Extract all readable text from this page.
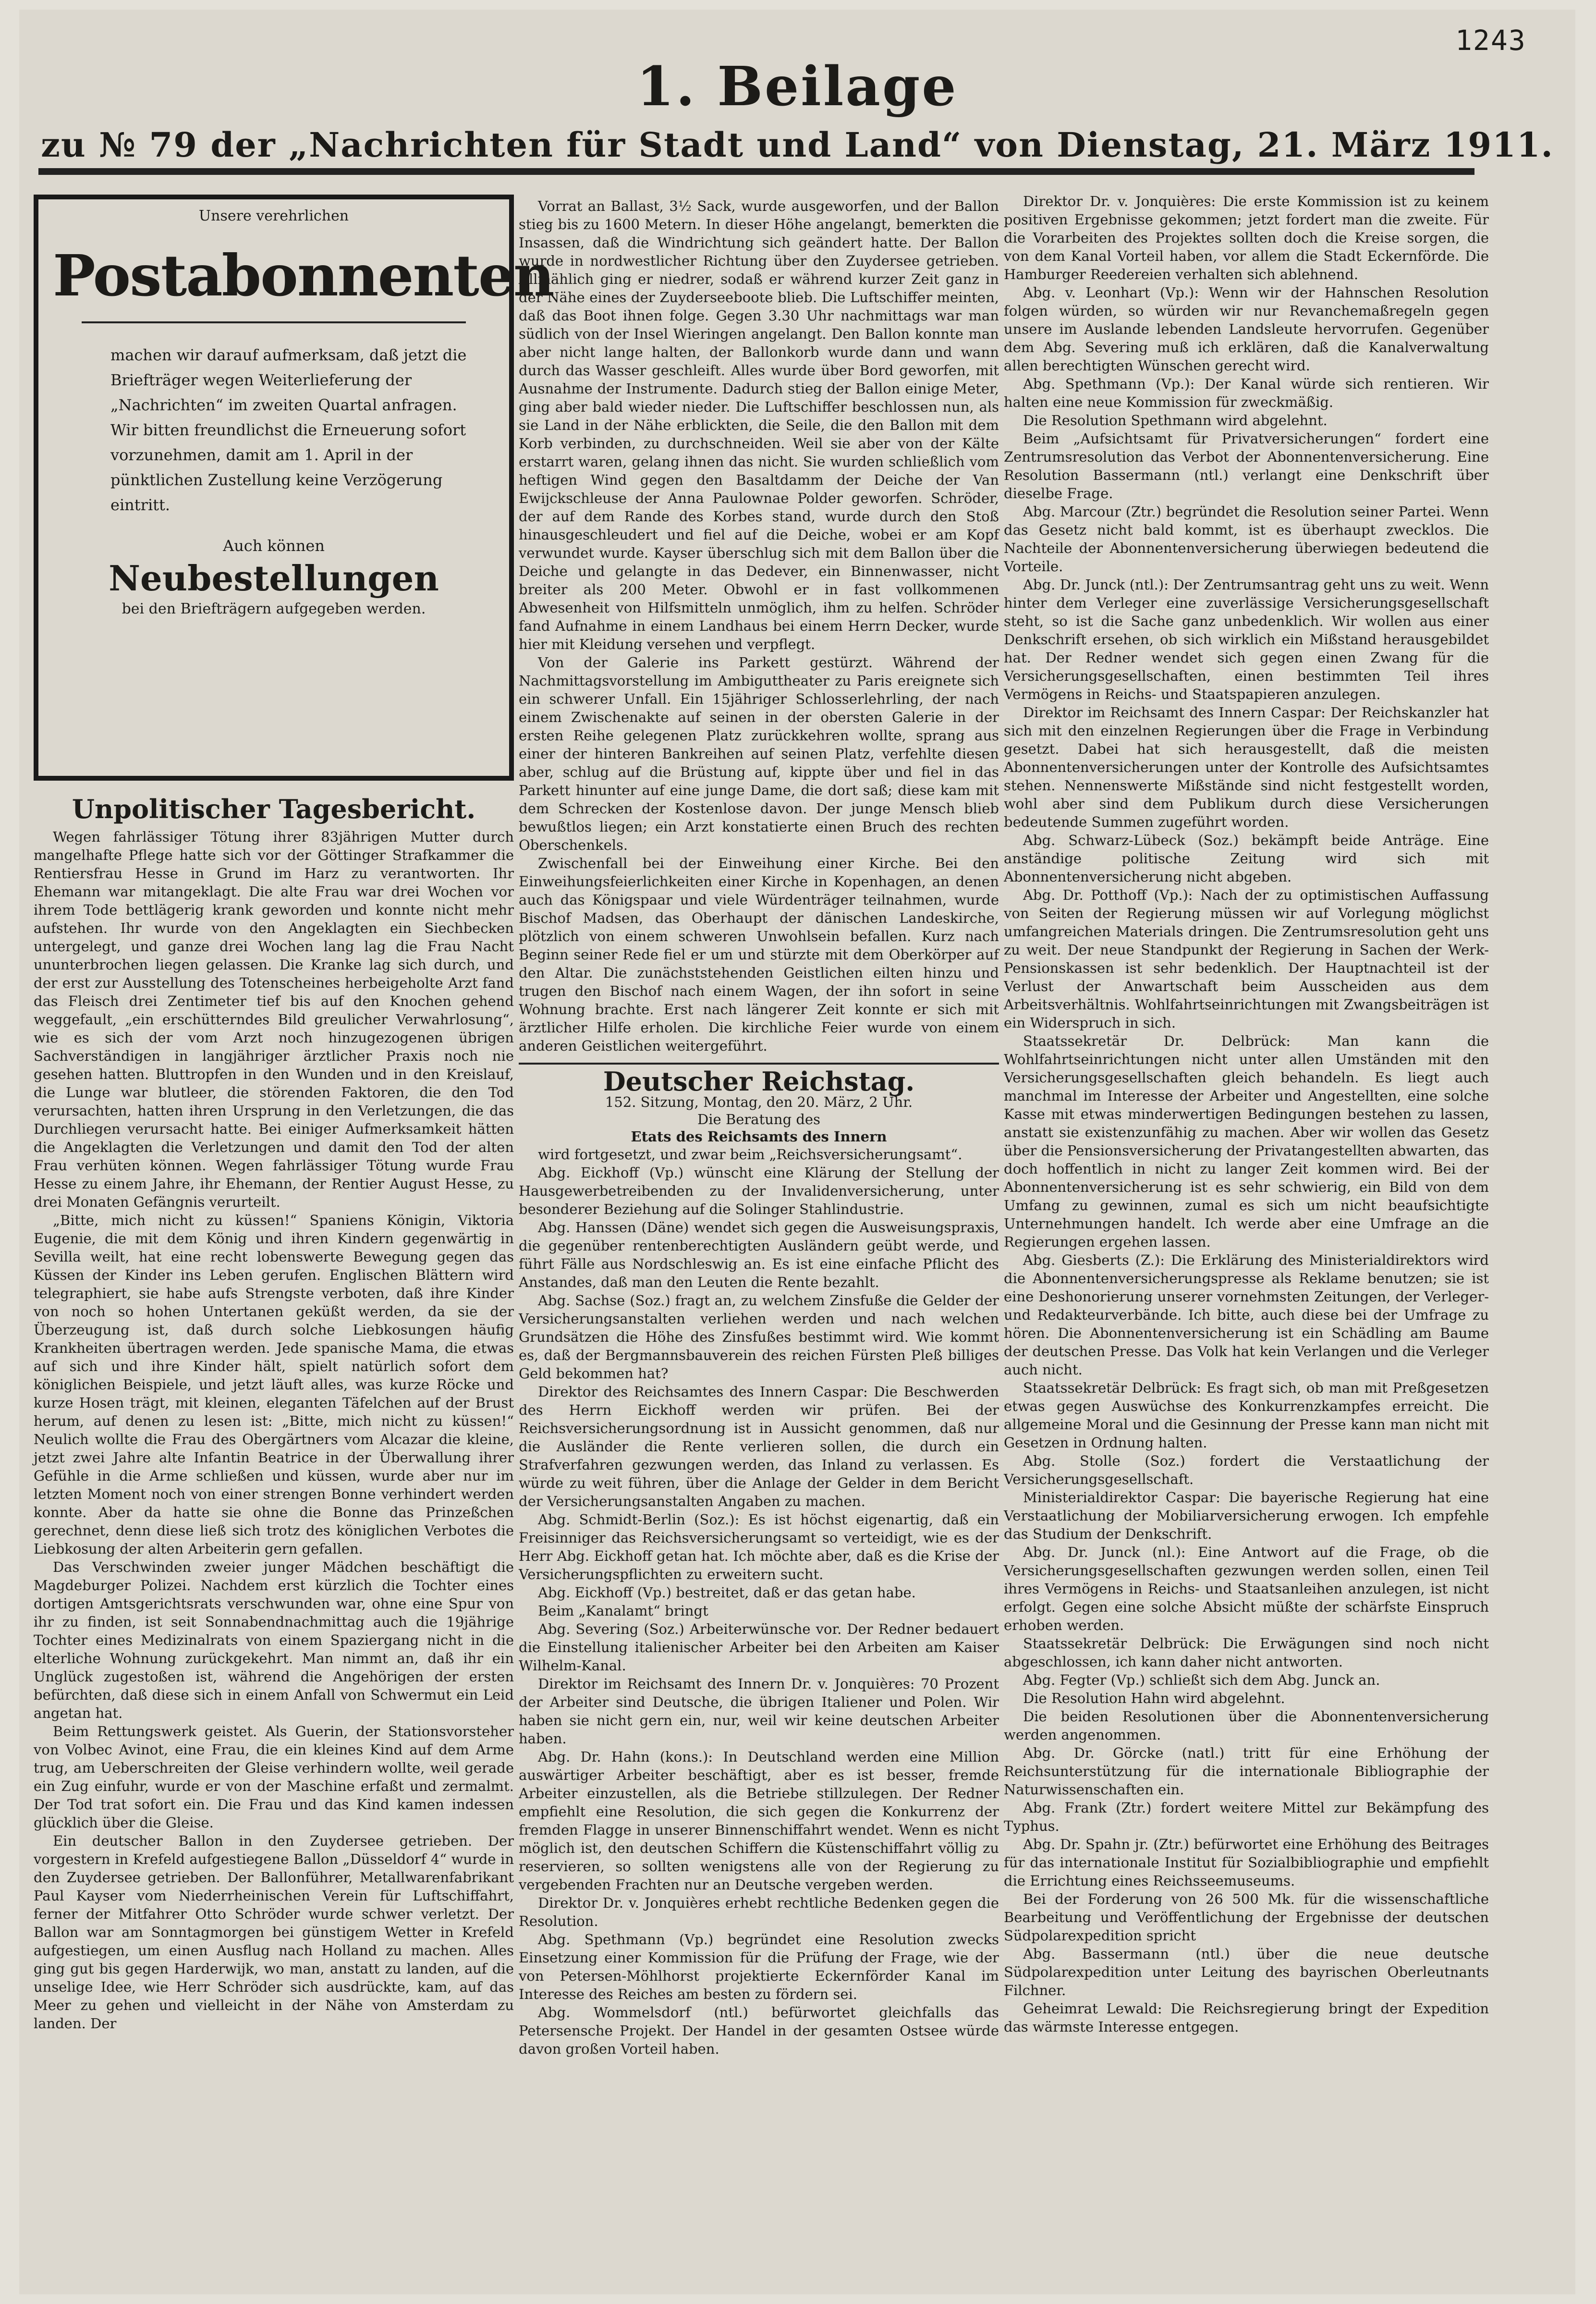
1243
1. Beilage
zu № 79 der „Nachrichten für Stadt und Land“ von Dienstag, 21. März 1911.
Unsere verehrlichen
Postabonnenten
machen wir darauf aufmerksam, daß jetzt die Briefträger wegen Weiterlieferung der „Nachrichten“ im zweiten Quartal anfragen. Wir bitten freundlichst die Erneuerung sofort vorzunehmen, damit am 1. April in der pünktlichen Zustellung keine Verzögerung eintritt.
Auch können
Neubestellungen
bei den Briefträgern aufgegeben werden.
Unpolitischer Tagesbericht.

Wegen fahrlässiger Tötung ihrer 83jährigen Mutter durch mangelhafte Pflege hatte sich vor der Göttinger Strafkammer die Rentiersfrau Hesse in Grund im Harz zu verantworten. Ihr Ehemann war mitangeklagt. Die alte Frau war drei Wochen vor ihrem Tode bettlägerig krank geworden und konnte nicht mehr aufstehen. Ihr wurde von den Angeklagten ein Siechbecken untergelegt, und ganze drei Wochen lang lag die Frau Nacht ununterbrochen liegen gelassen. Die Kranke lag sich durch, und der erst zur Ausstellung des Totenscheines herbeigeholte Arzt fand das Fleisch drei Zentimeter tief bis auf den Knochen gehend weggefault, „ein erschütterndes Bild greulicher Verwahrlosung“, wie es sich der vom Arzt noch hinzugezogenen übrigen Sachverständigen in langjähriger ärztlicher Praxis noch nie gesehen hatten. Bluttropfen in den Wunden und in den Kreislauf, die Lunge war blutleer, die störenden Faktoren, die den Tod verursachten, hatten ihren Ursprung in den Verletzungen, die das Durchliegen verursacht hatte. Bei einiger Aufmerksamkeit hätten die Angeklagten die Verletzungen und damit den Tod der alten Frau verhüten können. Wegen fahrlässiger Tötung wurde Frau Hesse zu einem Jahre, ihr Ehemann, der Rentier August Hesse, zu drei Monaten Gefängnis verurteilt.

„Bitte, mich nicht zu küssen!“ Spaniens Königin, Viktoria Eugenie, die mit dem König und ihren Kindern gegenwärtig in Sevilla weilt, hat eine recht lobenswerte Bewegung gegen das Küssen der Kinder ins Leben gerufen. Englischen Blättern wird telegraphiert, sie habe aufs Strengste verboten, daß ihre Kinder von noch so hohen Untertanen geküßt werden, da sie der Überzeugung ist, daß durch solche Liebkosungen häufig Krankheiten übertragen werden. Jede spanische Mama, die etwas auf sich und ihre Kinder hält, spielt natürlich sofort dem königlichen Beispiele, und jetzt läuft alles, was kurze Röcke und kurze Hosen trägt, mit kleinen, eleganten Täfelchen auf der Brust herum, auf denen zu lesen ist: „Bitte, mich nicht zu küssen!“ Neulich wollte die Frau des Obergärtners vom Alcazar die kleine, jetzt zwei Jahre alte Infantin Beatrice in der Überwallung ihrer Gefühle in die Arme schließen und küssen, wurde aber nur im letzten Moment noch von einer strengen Bonne verhindert werden konnte. Aber da hatte sie ohne die Bonne das Prinzeßchen gerechnet, denn diese ließ sich trotz des königlichen Verbotes die Liebkosung der alten Arbeiterin gern gefallen.

Das Verschwinden zweier junger Mädchen beschäftigt die Magdeburger Polizei. Nachdem erst kürzlich die Tochter eines dortigen Amtsgerichtsrats verschwunden war, ohne eine Spur von ihr zu finden, ist seit Sonnabendnachmittag auch die 19jährige Tochter eines Medizinalrats von einem Spaziergang nicht in die elterliche Wohnung zurückgekehrt. Man nimmt an, daß ihr ein Unglück zugestoßen ist, während die Angehörigen der ersten befürchten, daß diese sich in einem Anfall von Schwermut ein Leid angetan hat.

Beim Rettungswerk geistet. Als Guerin, der Stationsvorsteher von Volbec Avinot, eine Frau, die ein kleines Kind auf dem Arme trug, am Ueberschreiten der Gleise verhindern wollte, weil gerade ein Zug einfuhr, wurde er von der Maschine erfaßt und zermalmt. Der Tod trat sofort ein. Die Frau und das Kind kamen indessen glücklich über die Gleise.

Ein deutscher Ballon in den Zuydersee getrieben. Der vorgestern in Krefeld aufgestiegene Ballon „Düsseldorf 4“ wurde in den Zuydersee getrieben. Der Ballonführer, Metallwarenfabrikant Paul Kayser vom Niederrheinischen Verein für Luftschiffahrt, ferner der Mitfahrer Otto Schröder wurde schwer verletzt. Der Ballon war am Sonntagmorgen bei günstigem Wetter in Krefeld aufgestiegen, um einen Ausflug nach Holland zu machen. Alles ging gut bis gegen Harderwijk, wo man, anstatt zu landen, auf die unselige Idee, wie Herr Schröder sich ausdrückte, kam, auf das Meer zu gehen und vielleicht in der Nähe von Amsterdam zu landen. Der

Vorrat an Ballast, 3½ Sack, wurde ausgeworfen, und der Ballon stieg bis zu 1600 Metern. In dieser Höhe angelangt, bemerkten die Insassen, daß die Windrichtung sich geändert hatte. Der Ballon wurde in nordwestlicher Richtung über den Zuydersee getrieben. Allmählich ging er niedrer, sodaß er während kurzer Zeit ganz in der Nähe eines der Zuyderseeboote blieb. Die Luftschiffer meinten, daß das Boot ihnen folge. Gegen 3.30 Uhr nachmittags war man südlich von der Insel Wieringen angelangt. Den Ballon konnte man aber nicht lange halten, der Ballonkorb wurde dann und wann durch das Wasser geschleift. Alles wurde über Bord geworfen, mit Ausnahme der Instrumente. Dadurch stieg der Ballon einige Meter, ging aber bald wieder nieder. Die Luftschiffer beschlossen nun, als sie Land in der Nähe erblickten, die Seile, die den Ballon mit dem Korb verbinden, zu durchschneiden. Weil sie aber von der Kälte erstarrt waren, gelang ihnen das nicht. Sie wurden schließlich vom heftigen Wind gegen den Basaltdamm der Deiche der Van Ewijckschleuse der Anna Paulownae Polder geworfen. Schröder, der auf dem Rande des Korbes stand, wurde durch den Stoß hinausgeschleudert und fiel auf die Deiche, wobei er am Kopf verwundet wurde. Kayser überschlug sich mit dem Ballon über die Deiche und gelangte in das Dedever, ein Binnenwasser, nicht breiter als 200 Meter. Obwohl er in fast vollkommenen Abwesenheit von Hilfsmitteln unmöglich, ihm zu helfen. Schröder fand Aufnahme in einem Landhaus bei einem Herrn Decker, wurde hier mit Kleidung versehen und verpflegt.

Von der Galerie ins Parkett gestürzt. Während der Nachmittagsvorstellung im Ambiguttheater zu Paris ereignete sich ein schwerer Unfall. Ein 15jähriger Schlosserlehrling, der nach einem Zwischenakte auf seinen in der obersten Galerie in der ersten Reihe gelegenen Platz zurückkehren wollte, sprang aus einer der hinteren Bankreihen auf seinen Platz, verfehlte diesen aber, schlug auf die Brüstung auf, kippte über und fiel in das Parkett hinunter auf eine junge Dame, die dort saß; diese kam mit dem Schrecken der Kostenlose davon. Der junge Mensch blieb bewußtlos liegen; ein Arzt konstatierte einen Bruch des rechten Oberschenkels.

Zwischenfall bei der Einweihung einer Kirche. Bei den Einweihungsfeierlichkeiten einer Kirche in Kopenhagen, an denen auch das Königspaar und viele Würdenträger teilnahmen, wurde Bischof Madsen, das Oberhaupt der dänischen Landeskirche, plötzlich von einem schweren Unwohlsein befallen. Kurz nach Beginn seiner Rede fiel er um und stürzte mit dem Oberkörper auf den Altar. Die zunächststehenden Geistlichen eilten hinzu und trugen den Bischof nach einem Wagen, der ihn sofort in seine Wohnung brachte. Erst nach längerer Zeit konnte er sich mit ärztlicher Hilfe erholen. Die kirchliche Feier wurde von einem anderen Geistlichen weitergeführt.

Deutscher Reichstag.
152. Sitzung, Montag, den 20. März, 2 Uhr.
Die Beratung des
Etats des Reichsamts des Innern

wird fortgesetzt, und zwar beim „Reichsversicherungsamt“.

Abg. Eickhoff (Vp.) wünscht eine Klärung der Stellung der Hausgewerbetreibenden zu der Invalidenversicherung, unter besonderer Beziehung auf die Solinger Stahlindustrie.

Abg. Hanssen (Däne) wendet sich gegen die Ausweisungspraxis, die gegenüber rentenberechtigten Ausländern geübt werde, und führt Fälle aus Nordschleswig an. Es ist eine einfache Pflicht des Anstandes, daß man den Leuten die Rente bezahlt.

Abg. Sachse (Soz.) fragt an, zu welchem Zinsfuße die Gelder der Versicherungsanstalten verliehen werden und nach welchen Grundsätzen die Höhe des Zinsfußes bestimmt wird. Wie kommt es, daß der Bergmannsbauverein des reichen Fürsten Pleß billiges Geld bekommen hat?

Direktor des Reichsamtes des Innern Caspar: Die Beschwerden des Herrn Eickhoff werden wir prüfen. Bei der Reichsversicherungsordnung ist in Aussicht genommen, daß nur die Ausländer die Rente verlieren sollen, die durch ein Strafverfahren gezwungen werden, das Inland zu verlassen. Es würde zu weit führen, über die Anlage der Gelder in dem Bericht der Versicherungsanstalten Angaben zu machen.

Abg. Schmidt-Berlin (Soz.): Es ist höchst eigenartig, daß ein Freisinniger das Reichsversicherungsamt so verteidigt, wie es der Herr Abg. Eickhoff getan hat. Ich möchte aber, daß es die Krise der Versicherungspflichten zu erweitern sucht.

Abg. Eickhoff (Vp.) bestreitet, daß er das getan habe.

Beim „Kanalamt“ bringt

Abg. Severing (Soz.) Arbeiterwünsche vor. Der Redner bedauert die Einstellung italienischer Arbeiter bei den Arbeiten am Kaiser Wilhelm-Kanal.

Direktor im Reichsamt des Innern Dr. v. Jonquières: 70 Prozent der Arbeiter sind Deutsche, die übrigen Italiener und Polen. Wir haben sie nicht gern ein, nur, weil wir keine deutschen Arbeiter haben.

Abg. Dr. Hahn (kons.): In Deutschland werden eine Million auswärtiger Arbeiter beschäftigt, aber es ist besser, fremde Arbeiter einzustellen, als die Betriebe stillzulegen. Der Redner empfiehlt eine Resolution, die sich gegen die Konkurrenz der fremden Flagge in unserer Binnenschiffahrt wendet. Wenn es nicht möglich ist, den deutschen Schiffern die Küstenschiffahrt völlig zu reservieren, so sollten wenigstens alle von der Regierung zu vergebenden Frachten nur an Deutsche vergeben werden.

Direktor Dr. v. Jonquières erhebt rechtliche Bedenken gegen die Resolution.

Abg. Spethmann (Vp.) begründet eine Resolution zwecks Einsetzung einer Kommission für die Prüfung der Frage, wie der von Petersen-Möhlhorst projektierte Eckernförder Kanal im Interesse des Reiches am besten zu fördern sei.

Abg. Wommelsdorf (ntl.) befürwortet gleichfalls das Petersensche Projekt. Der Handel in der gesamten Ostsee würde davon großen Vorteil haben.

Direktor Dr. v. Jonquières: Die erste Kommission ist zu keinem positiven Ergebnisse gekommen; jetzt fordert man die zweite. Für die Vorarbeiten des Projektes sollten doch die Kreise sorgen, die von dem Kanal Vorteil haben, vor allem die Stadt Eckernförde. Die Hamburger Reedereien verhalten sich ablehnend.

Abg. v. Leonhart (Vp.): Wenn wir der Hahnschen Resolution folgen würden, so würden wir nur Revanchemaßregeln gegen unsere im Auslande lebenden Landsleute hervorrufen. Gegenüber dem Abg. Severing muß ich erklären, daß die Kanalverwaltung allen berechtigten Wünschen gerecht wird.

Abg. Spethmann (Vp.): Der Kanal würde sich rentieren. Wir halten eine neue Kommission für zweckmäßig.

Die Resolution Spethmann wird abgelehnt.

Beim „Aufsichtsamt für Privatversicherungen“ fordert eine Zentrumsresolution das Verbot der Abonnentenversicherung. Eine Resolution Bassermann (ntl.) verlangt eine Denkschrift über dieselbe Frage.

Abg. Marcour (Ztr.) begründet die Resolution seiner Partei. Wenn das Gesetz nicht bald kommt, ist es überhaupt zwecklos. Die Nachteile der Abonnentenversicherung überwiegen bedeutend die Vorteile.

Abg. Dr. Junck (ntl.): Der Zentrumsantrag geht uns zu weit. Wenn hinter dem Verleger eine zuverlässige Versicherungsgesellschaft steht, so ist die Sache ganz unbedenklich. Wir wollen aus einer Denkschrift ersehen, ob sich wirklich ein Mißstand herausgebildet hat. Der Redner wendet sich gegen einen Zwang für die Versicherungsgesellschaften, einen bestimmten Teil ihres Vermögens in Reichs- und Staatspapieren anzulegen.

Direktor im Reichsamt des Innern Caspar: Der Reichskanzler hat sich mit den einzelnen Regierungen über die Frage in Verbindung gesetzt. Dabei hat sich herausgestellt, daß die meisten Abonnentenversicherungen unter der Kontrolle des Aufsichtsamtes stehen. Nennenswerte Mißstände sind nicht festgestellt worden, wohl aber sind dem Publikum durch diese Versicherungen bedeutende Summen zugeführt worden.

Abg. Schwarz-Lübeck (Soz.) bekämpft beide Anträge. Eine anständige politische Zeitung wird sich mit Abonnentenversicherung nicht abgeben.

Abg. Dr. Potthoff (Vp.): Nach der zu optimistischen Auffassung von Seiten der Regierung müssen wir auf Vorlegung möglichst umfangreichen Materials dringen. Die Zentrumsresolution geht uns zu weit. Der neue Standpunkt der Regierung in Sachen der Werk-Pensionskassen ist sehr bedenklich. Der Hauptnachteil ist der Verlust der Anwartschaft beim Ausscheiden aus dem Arbeitsverhältnis. Wohlfahrtseinrichtungen mit Zwangsbeiträgen ist ein Widerspruch in sich.

Staatssekretär Dr. Delbrück: Man kann die Wohlfahrtseinrichtungen nicht unter allen Umständen mit den Versicherungsgesellschaften gleich behandeln. Es liegt auch manchmal im Interesse der Arbeiter und Angestellten, eine solche Kasse mit etwas minderwertigen Bedingungen bestehen zu lassen, anstatt sie existenzunfähig zu machen. Aber wir wollen das Gesetz über die Pensionsversicherung der Privatangestellten abwarten, das doch hoffentlich in nicht zu langer Zeit kommen wird. Bei der Abonnentenversicherung ist es sehr schwierig, ein Bild von dem Umfang zu gewinnen, zumal es sich um nicht beaufsichtigte Unternehmungen handelt. Ich werde aber eine Umfrage an die Regierungen ergehen lassen.

Abg. Giesberts (Z.): Die Erklärung des Ministerialdirektors wird die Abonnentenversicherungspresse als Reklame benutzen; sie ist eine Deshonorierung unserer vornehmsten Zeitungen, der Verleger- und Redakteurverbände. Ich bitte, auch diese bei der Umfrage zu hören. Die Abonnentenversicherung ist ein Schädling am Baume der deutschen Presse. Das Volk hat kein Verlangen und die Verleger auch nicht.

Staatssekretär Delbrück: Es fragt sich, ob man mit Preßgesetzen etwas gegen Auswüchse des Konkurrenzkampfes erreicht. Die allgemeine Moral und die Gesinnung der Presse kann man nicht mit Gesetzen in Ordnung halten.

Abg. Stolle (Soz.) fordert die Verstaatlichung der Versicherungsgesellschaft.

Ministerialdirektor Caspar: Die bayerische Regierung hat eine Verstaatlichung der Mobiliarversicherung erwogen. Ich empfehle das Studium der Denkschrift.

Abg. Dr. Junck (nl.): Eine Antwort auf die Frage, ob die Versicherungsgesellschaften gezwungen werden sollen, einen Teil ihres Vermögens in Reichs- und Staatsanleihen anzulegen, ist nicht erfolgt. Gegen eine solche Absicht müßte der schärfste Einspruch erhoben werden.

Staatssekretär Delbrück: Die Erwägungen sind noch nicht abgeschlossen, ich kann daher nicht antworten.

Abg. Fegter (Vp.) schließt sich dem Abg. Junck an.

Die Resolution Hahn wird abgelehnt.

Die beiden Resolutionen über die Abonnentenversicherung werden angenommen.

Abg. Dr. Görcke (natl.) tritt für eine Erhöhung der Reichsunterstützung für die internationale Bibliographie der Naturwissenschaften ein.

Abg. Frank (Ztr.) fordert weitere Mittel zur Bekämpfung des Typhus.

Abg. Dr. Spahn jr. (Ztr.) befürwortet eine Erhöhung des Beitrages für das internationale Institut für Sozialbibliographie und empfiehlt die Errichtung eines Reichsseemuseums.

Bei der Forderung von 26 500 Mk. für die wissenschaftliche Bearbeitung und Veröffentlichung der Ergebnisse der deutschen Südpolarexpedition spricht

Abg. Bassermann (ntl.) über die neue deutsche Südpolarexpedition unter Leitung des bayrischen Oberleutnants Filchner.

Geheimrat Lewald: Die Reichsregierung bringt der Expedition das wärmste Interesse entgegen.
